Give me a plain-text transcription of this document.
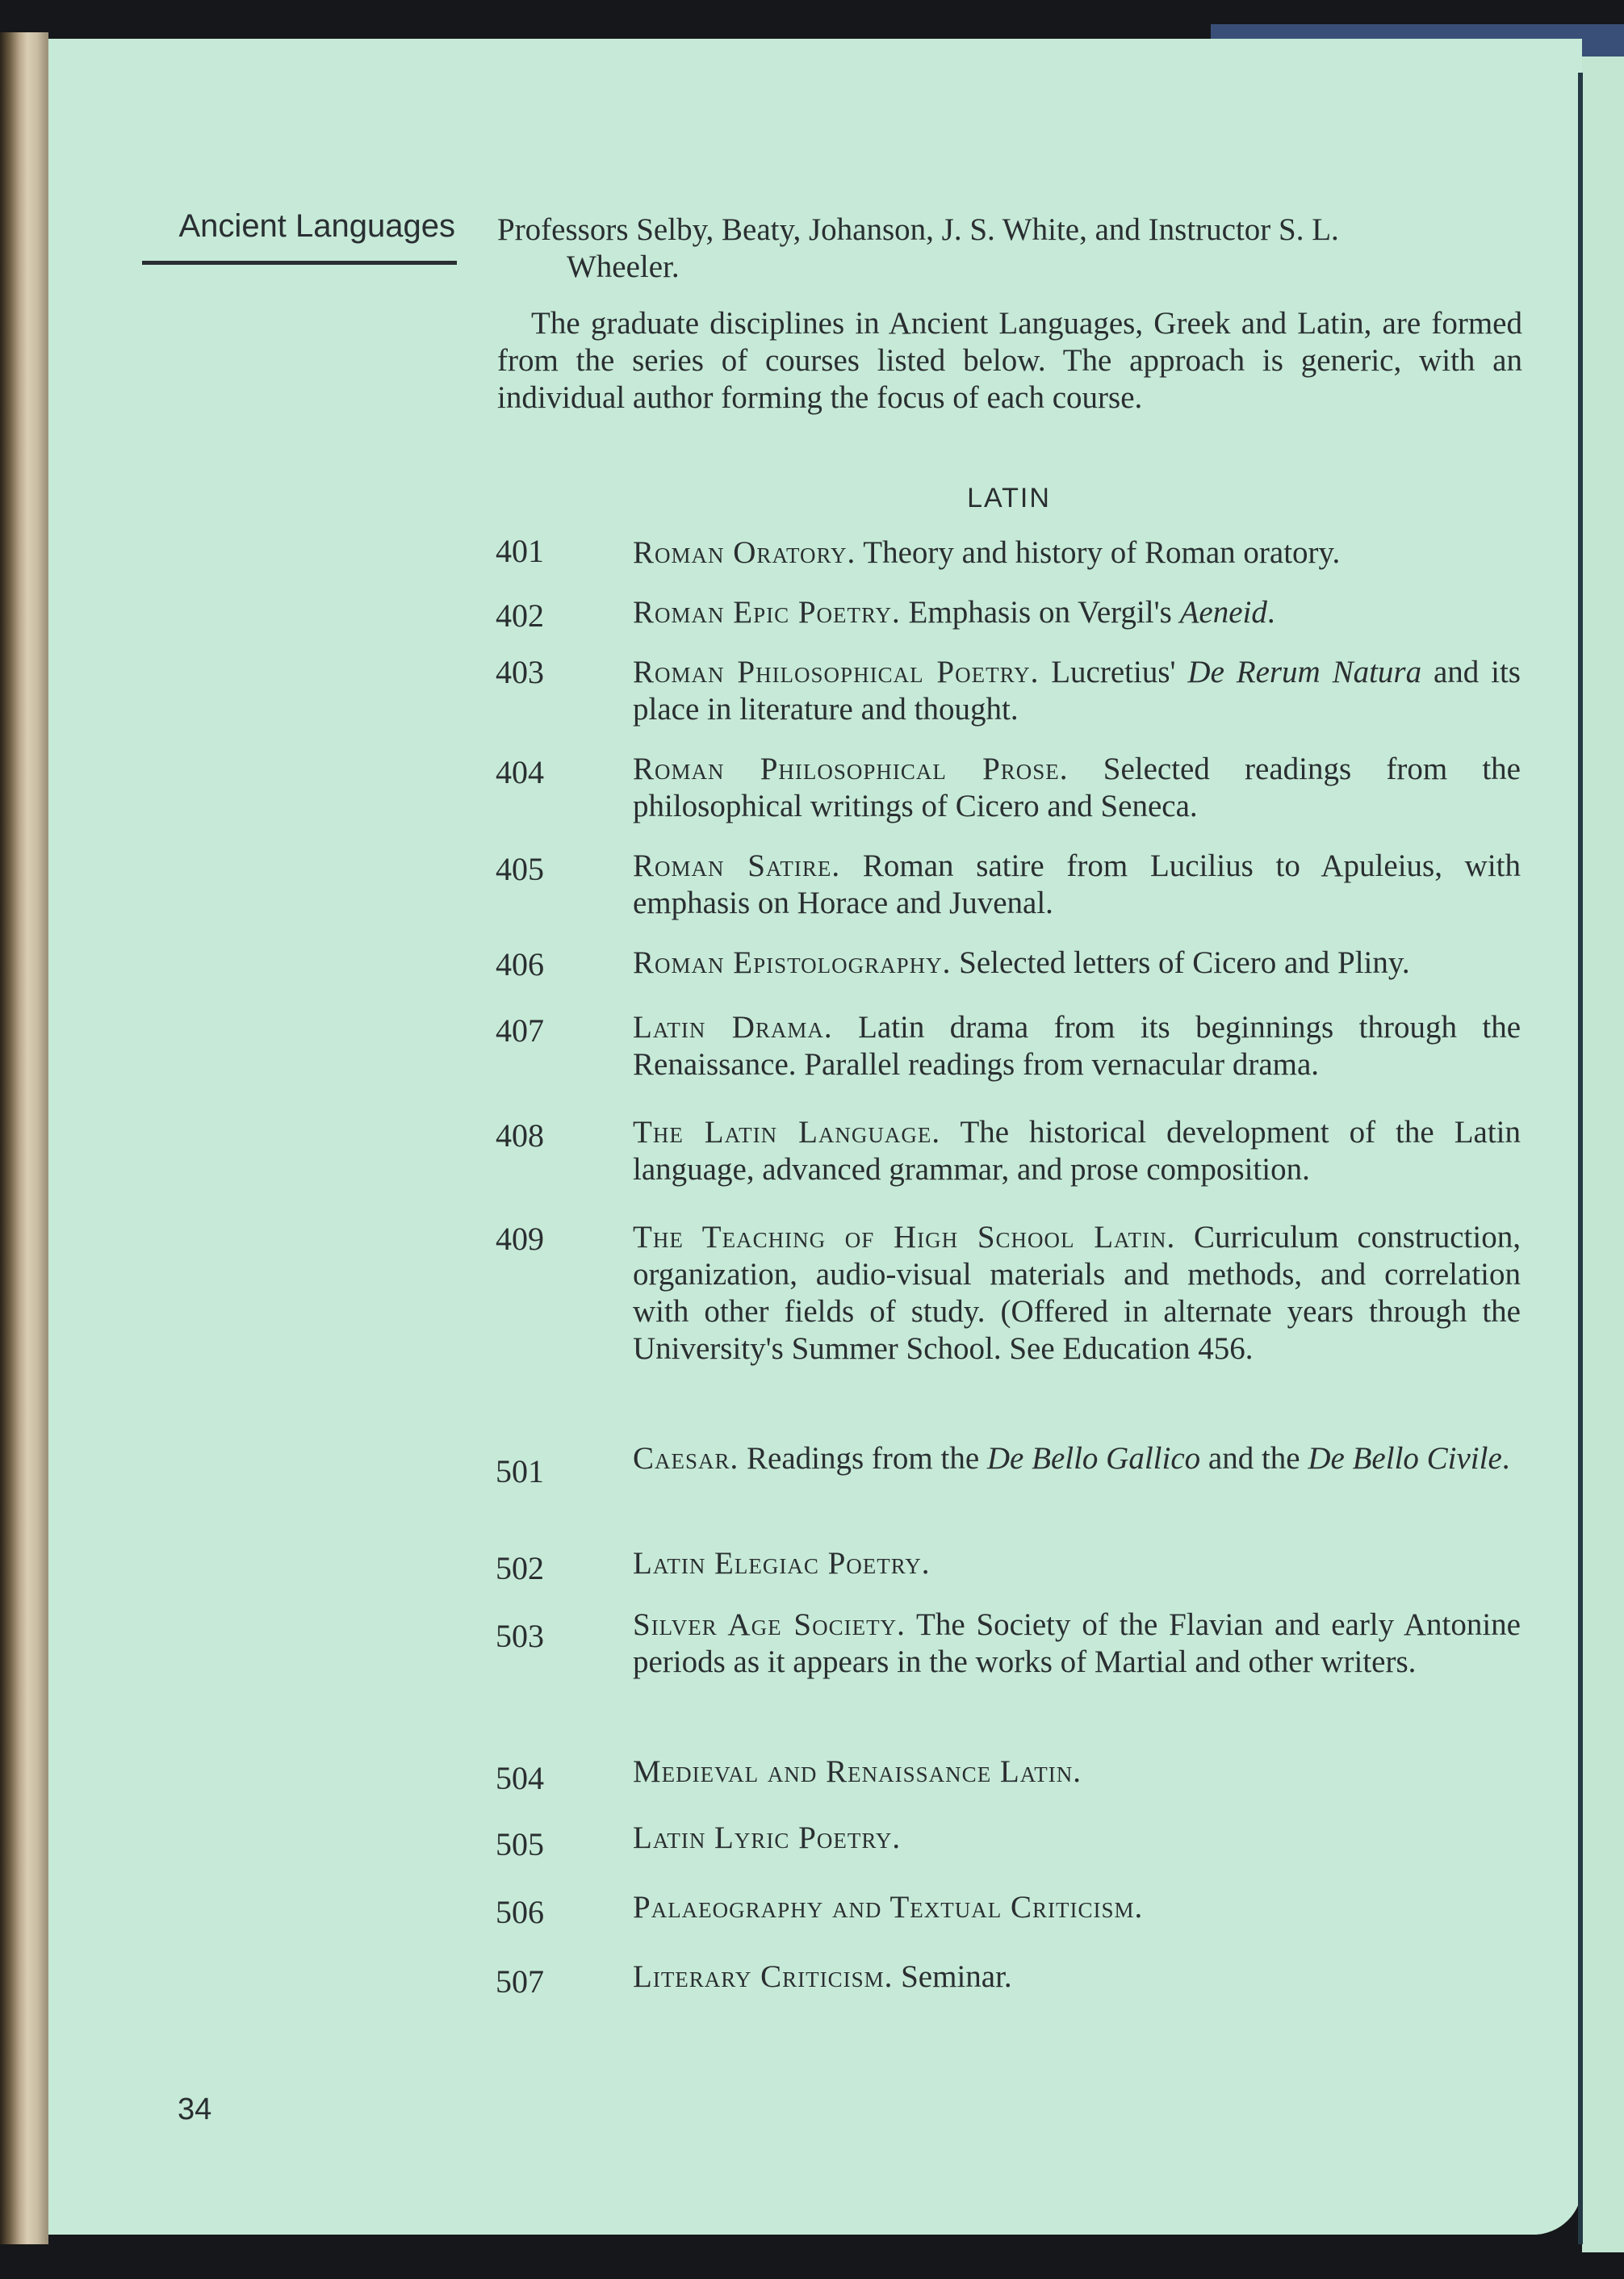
Ancient Languages Professors Selby, Beaty, Johanson, J. S. White, and Instructor S. L.
Wheeler.
The graduate disciplines in Ancient Languages, Greek and Latin, are formed from the series of courses listed below. The approach is generic, with an individual author forming the focus of each course.
LATIN
401	Roman Oratory. Theory and history of Roman oratory.
402	Roman Epic Poetry. Emphasis on Vergil's Aeneid.
403	Roman Philosophical Poetry. Lucretius' De Rerum Natura and its place in literature and thought.
404	Roman Philosophical Prose. Selected readings from the philosophical writings of Cicero and Seneca.
405	Roman Satire. Roman satire from Lucilius to Apuleius, with emphasis on Horace and Juvenal.
406	Roman Epistolography. Selected letters of Cicero and Pliny.
407	Latin Drama. Latin drama from its beginnings through the Renaissance. Parallel readings from vernacular drama.
408	The Latin Language. The historical development of the Latin language, advanced grammar, and prose composition.
409	The Teaching of High School Latin. Curriculum construction, organization, audio-visual materials and methods, and correlation with other fields of study. (Offered in alternate years through the University's Summer School. See Education 456.
501	Caesar. Readings from the De Bello Gallico and the De Bello Civile.
502	Latin Elegiac Poetry.
503	Silver Age Society. The Society of the Flavian and early Antonine periods as it appears in the works of Martial and other writers.
504	Medieval and Renaissance Latin.
505	Latin Lyric Poetry.
506	Palaeography and Textual Criticism.
507	Literary Criticism. Seminar.
34
